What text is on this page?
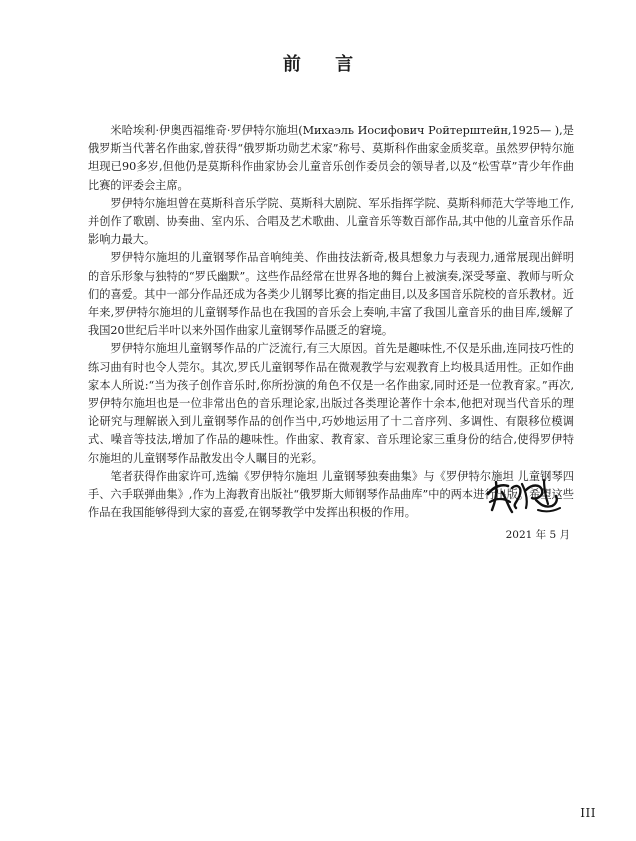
前 言

米哈埃利·伊奥西福维奇·罗伊特尔施坦(Михаэль Иосифович Ройтерштейн,1925— ),是俄罗斯当代著名作曲家,曾获得“俄罗斯功勋艺术家”称号、莫斯科作曲家金质奖章。虽然罗伊特尔施坦现已90多岁,但他仍是莫斯科作曲家协会儿童音乐创作委员会的领导者,以及“松雪草”青少年作曲比赛的评委会主席。

罗伊特尔施坦曾在莫斯科音乐学院、莫斯科大剧院、军乐指挥学院、莫斯科师范大学等地工作,并创作了歌剧、协奏曲、室内乐、合唱及艺术歌曲、儿童音乐等数百部作品,其中他的儿童音乐作品影响力最大。

罗伊特尔施坦的儿童钢琴作品音响纯美、作曲技法新奇,极具想象力与表现力,通常展现出鲜明的音乐形象与独特的“罗氏幽默”。这些作品经常在世界各地的舞台上被演奏,深受琴童、教师与听众们的喜爱。其中一部分作品还成为各类少儿钢琴比赛的指定曲目,以及多国音乐院校的音乐教材。近年来,罗伊特尔施坦的儿童钢琴作品也在我国的音乐会上奏响,丰富了我国儿童音乐的曲目库,缓解了我国20世纪后半叶以来外国作曲家儿童钢琴作品匮乏的窘境。

罗伊特尔施坦儿童钢琴作品的广泛流行,有三大原因。首先是趣味性,不仅是乐曲,连同技巧性的练习曲有时也令人莞尔。其次,罗氏儿童钢琴作品在微观教学与宏观教育上均极具适用性。正如作曲家本人所说:“当为孩子创作音乐时,你所扮演的角色不仅是一名作曲家,同时还是一位教育家。”再次,罗伊特尔施坦也是一位非常出色的音乐理论家,出版过各类理论著作十余本,他把对现当代音乐的理论研究与理解嵌入到儿童钢琴作品的创作当中,巧妙地运用了十二音序列、多调性、有限移位模调式、噪音等技法,增加了作品的趣味性。作曲家、教育家、音乐理论家三重身份的结合,使得罗伊特尔施坦的儿童钢琴作品散发出令人瞩目的光彩。

笔者获得作曲家许可,选编《罗伊特尔施坦 儿童钢琴独奏曲集》与《罗伊特尔施坦 儿童钢琴四手、六手联弹曲集》,作为上海教育出版社“俄罗斯大师钢琴作品曲库”中的两本进行出版。希望这些作品在我国能够得到大家的喜爱,在钢琴教学中发挥出积极的作用。

2021 年 5 月
III
